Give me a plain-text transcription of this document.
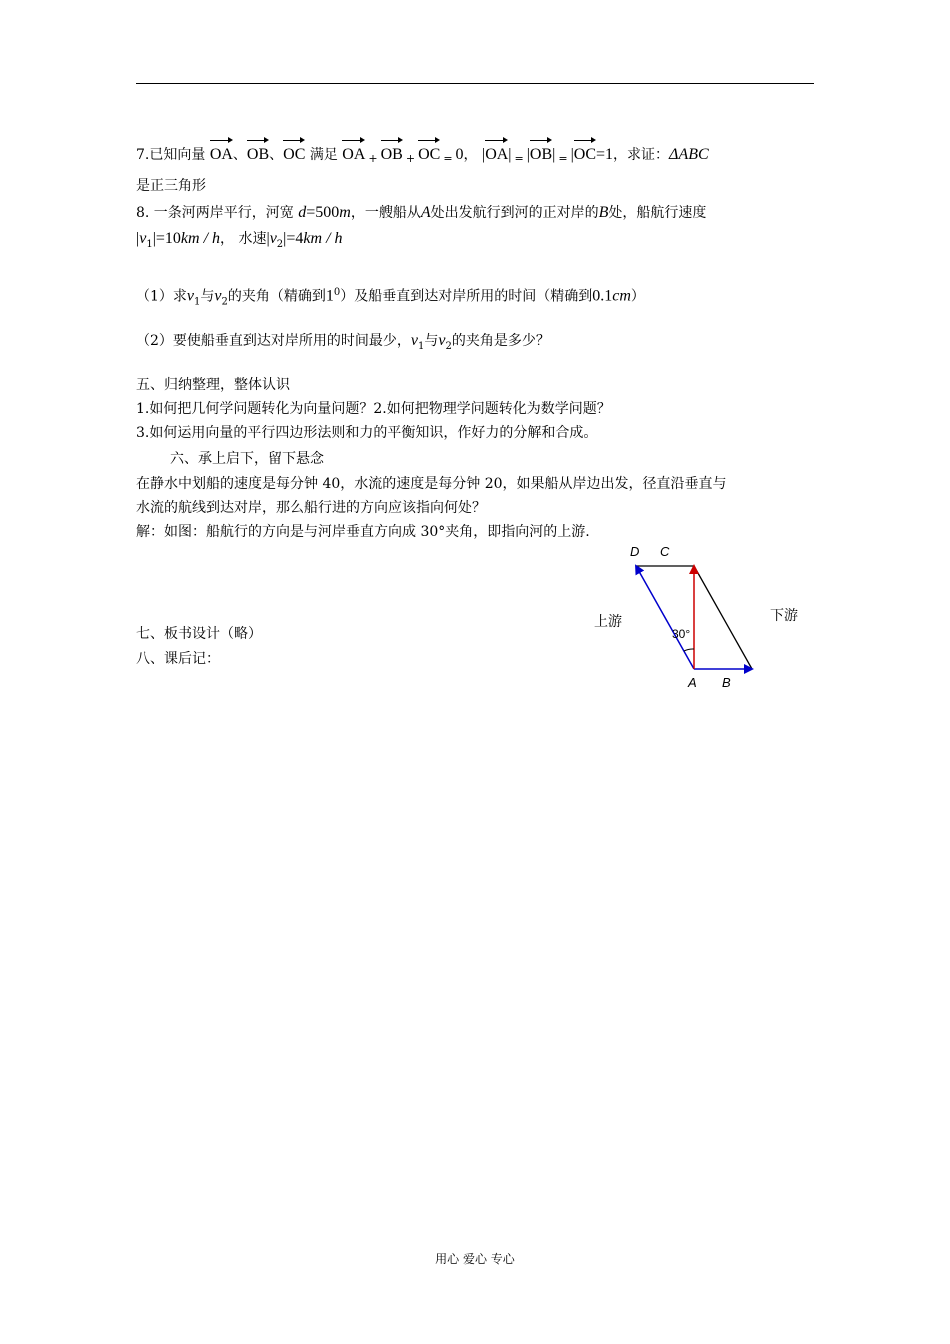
7.已知向量 OA、OB、OC 满足 OA $_+$ OB $_+$ OC $_=$ 0， |OA| $_=$ |OB| $_=$ |OC=1，求证：ΔABC
是正三角形
8. 一条河两岸平行，河宽 d=500m，一艘船从A处出发航行到河的正对岸的B处，船航行速度
$|v_1|=10km / h$， 水速$|v_2|=4km / h$
（1）求$v_1$与$v_2$的夹角（精确到$1^0$）及船垂直到达对岸所用的时间（精确到0.1cm）
（2）要使船垂直到达对岸所用的时间最少，$v_1$与$v_2$的夹角是多少？
五、归纳整理，整体认识
1.如何把几何学问题转化为向量问题？2.如何把物理学问题转化为数学问题？
3.如何运用向量的平行四边形法则和力的平衡知识，作好力的分解和合成。
六、承上启下，留下悬念
在静水中划船的速度是每分钟 40，水流的速度是每分钟 20，如果船从岸边出发，径直沿垂直与
水流的航线到达对岸，那么船行进的方向应该指向何处？
解：如图：船航行的方向是与河岸垂直方向成 30°夹角，即指向河的上游.
七、板书设计（略）
八、课后记：
D C
A B
30°
上游	下游
用心 爱心 专心
